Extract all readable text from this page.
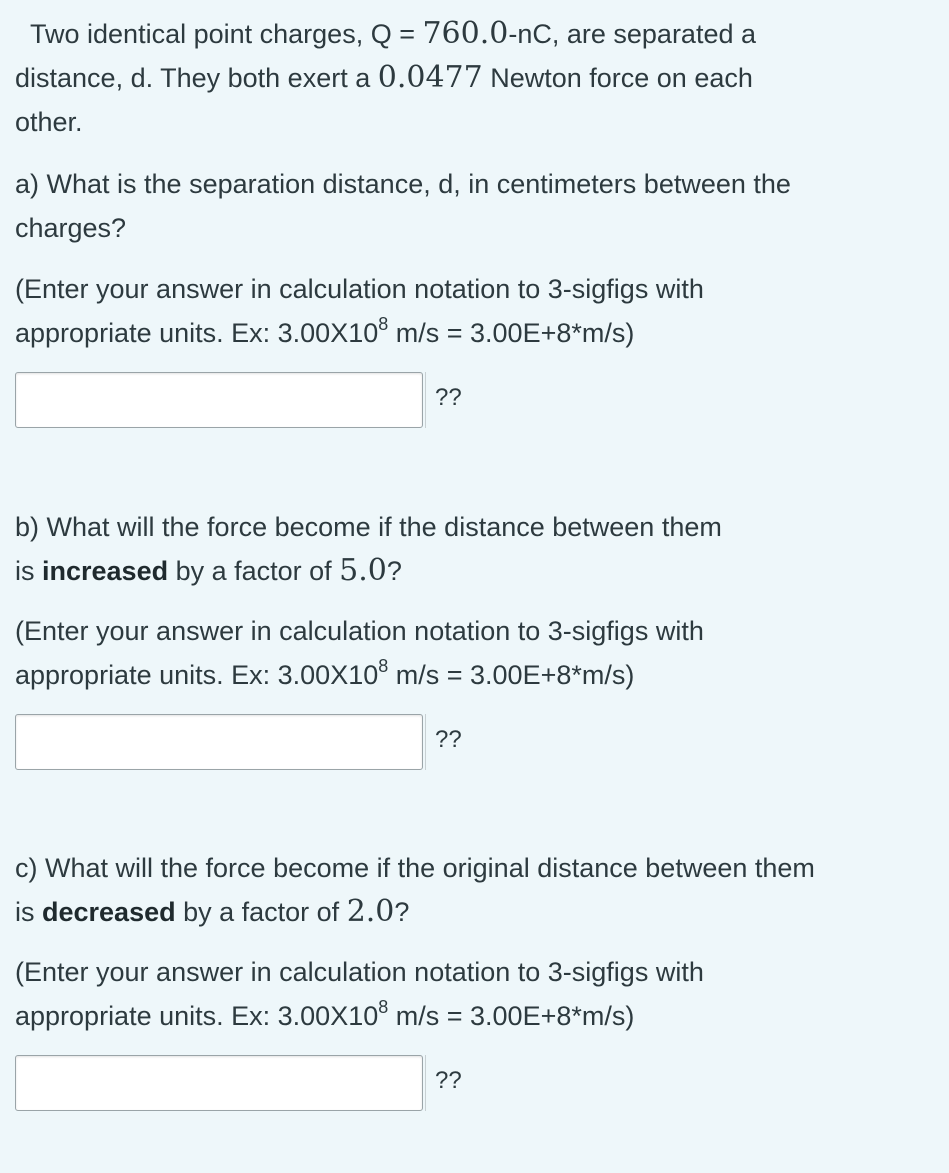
Two identical point charges, Q = 760.0-nC, are separated a

distance, d. They both exert a 0.0477 Newton force on each

other.

a) What is the separation distance, d, in centimeters between the

charges?

(Enter your answer in calculation notation to 3-sigfigs with

appropriate units. Ex: $3.00X10^8$ m/s = 3.00E+8*m/s)

??

b) What will the force become if the distance between them

is increased by a factor of 5.0?

(Enter your answer in calculation notation to 3-sigfigs with

appropriate units. Ex: $3.00X10^8$ m/s = 3.00E+8*m/s)

??

c) What will the force become if the original distance between them

is decreased by a factor of 2.0?

(Enter your answer in calculation notation to 3-sigfigs with

appropriate units. Ex: $3.00X10^8$ m/s = 3.00E+8*m/s)

??
